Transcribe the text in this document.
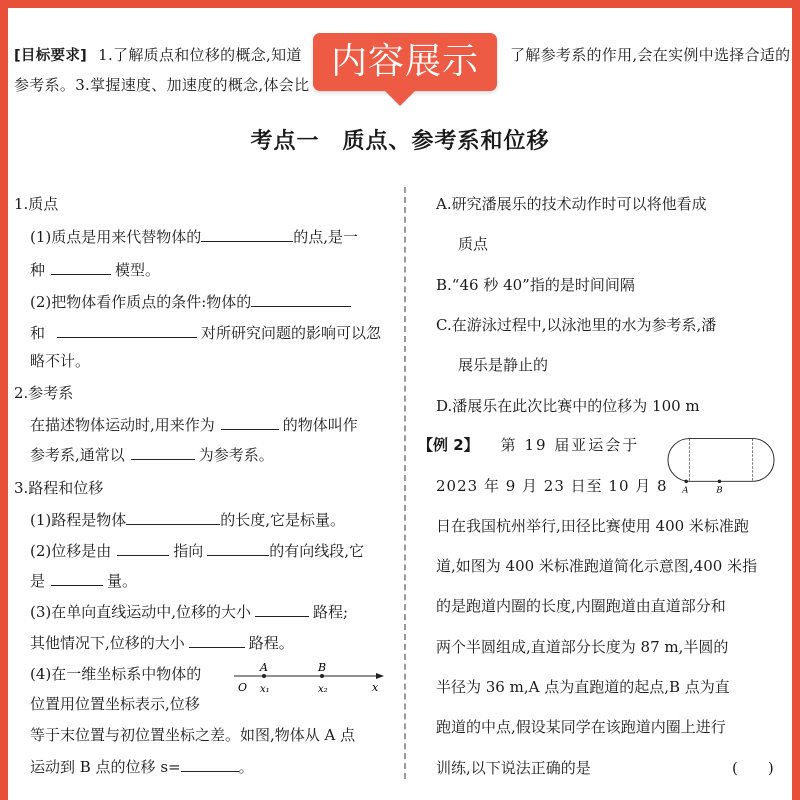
[目标要求] 1.了解质点和位移的概念,知道	了解参考系的作用,会在实例中选择合适的
参考系。3.掌握速度、加速度的概念,体会比
内容展示
考点一　质点、参考系和位移
1.质点
(1)质点是用来代替物体的	的点,是一
种	模型。
(2)把物体看作质点的条件:物体的
和	对所研究问题的影响可以忽
略不计。
2.参考系
在描述物体运动时,用来作为	的物体叫作
参考系,通常以	为参考系。
3.路程和位移
(1)路程是物体	的长度,它是标量。
(2)位移是由	指向	的有向线段,它
是	量。
(3)在单向直线运动中,位移的大小	路程;
其他情况下,位移的大小	路程。
(4)在一维坐标系中物体的
位置用位置坐标表示,位移
等于末位置与初位置坐标之差。如图,物体从 A 点
运动到 B 点的位移 s=	。
A	B
O x₁	x₂	x
A.研究潘展乐的技术动作时可以将他看成
质点
B.“46 秒 40”指的是时间间隔
C.在游泳过程中,以泳池里的水为参考系,潘
展乐是静止的
D.潘展乐在此次比赛中的位移为 100 m
【例 2】 第 19 届亚运会于
2023 年 9 月 23 日至 10 月 8
日在我国杭州举行,田径比赛使用 400 米标准跑
道,如图为 400 米标准跑道简化示意图,400 米指
的是跑道内圈的长度,内圈跑道由直道部分和
两个半圆组成,直道部分长度为 87 m,半圆的
半径为 36 m,A 点为直跑道的起点,B 点为直
跑道的中点,假设某同学在该跑道内圈上进行
训练,以下说法正确的是	(　　)
A	B
